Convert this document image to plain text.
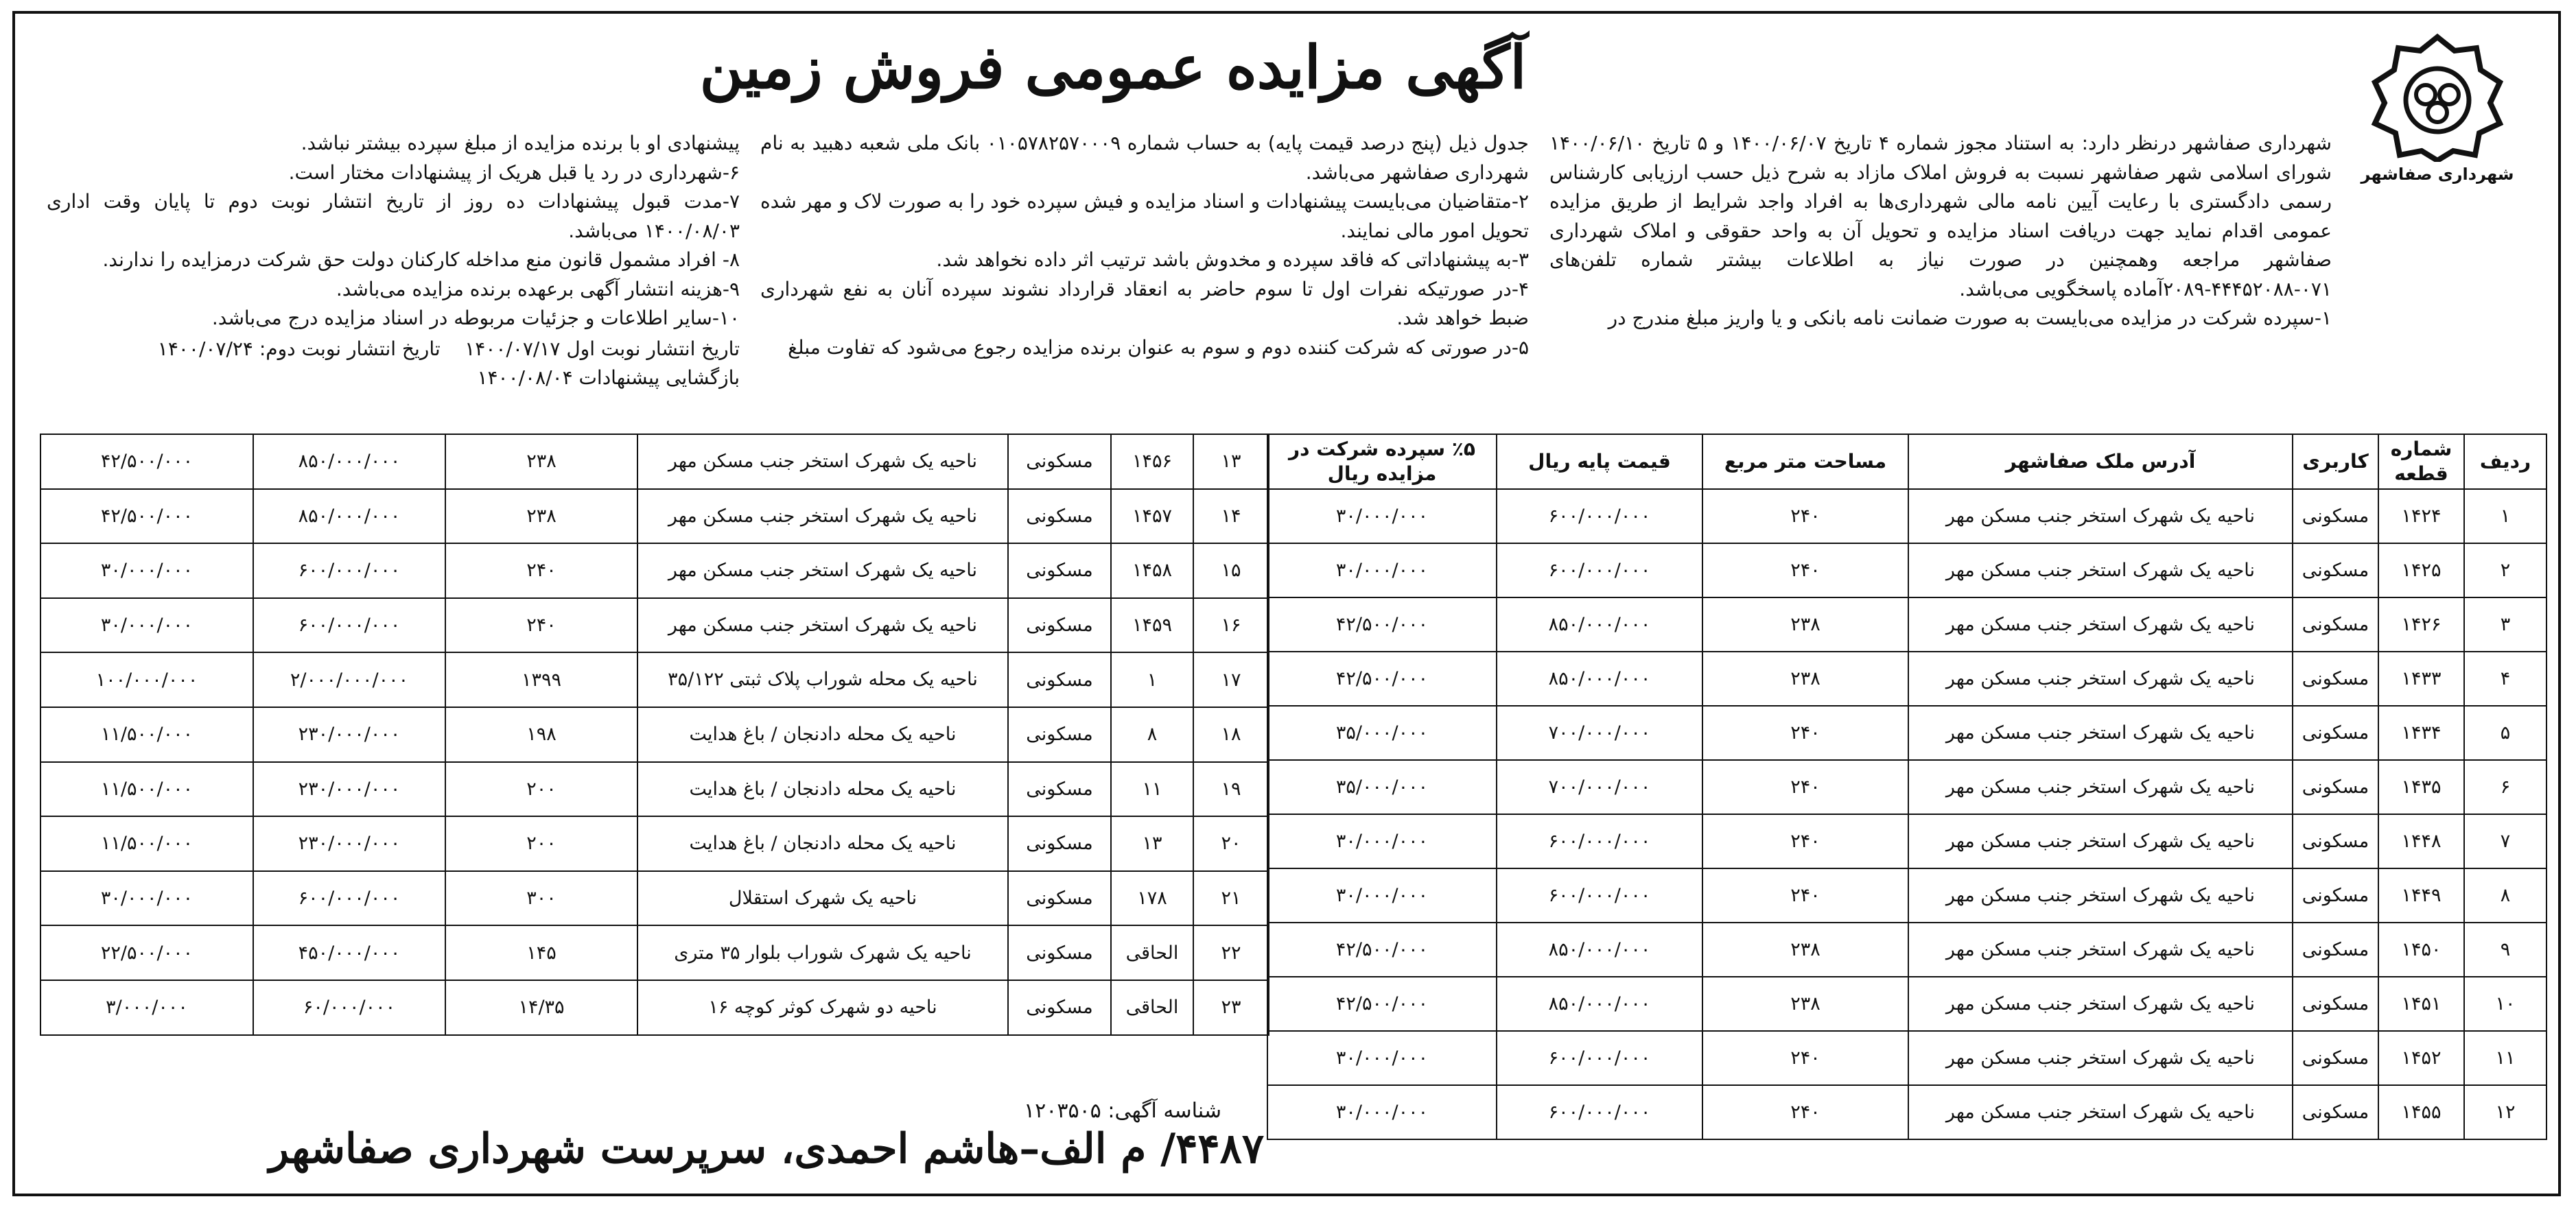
شهرداری صفاشهر
آگهی مزایده عمومی فروش زمین

شهرداری صفاشهر درنظر دارد: به استناد مجوز شماره ۴ تاریخ ۱۴۰۰/۰۶/۰۷ و ۵ تاریخ ۱۴۰۰/۰۶/۱۰ شورای اسلامی شهر صفاشهر نسبت به فروش املاک مازاد به شرح ذیل حسب ارزیابی کارشناس رسمی دادگستری با رعایت آیین نامه مالی شهرداری‌ها به افراد واجد شرایط از طریق مزایده عمومی اقدام نماید جهت دریافت اسناد مزایده و تحویل آن به واحد حقوقی و املاک شهرداری صفاشهر مراجعه وهمچنین در صورت نیاز به اطلاعات بیشتر شماره تلفن‌های ۰۷۱-۴۴۴۵۲۰۸۸-۲۰۸۹آماده پاسخگویی می‌باشد.

۱-سپرده شرکت در مزایده می‌بایست به صورت ضمانت نامه بانکی و یا واریز مبلغ مندرج در

جدول ذیل (پنج درصد قیمت پایه) به حساب شماره ۰۱۰۵۷۸۲۵۷۰۰۰۹ بانک ملی شعبه دهبید به نام شهرداری صفاشهر می‌باشد.

۲-متقاضیان می‌بایست پیشنهادات و اسناد مزایده و فیش سپرده خود را به صورت لاک و مهر شده تحویل امور مالی نمایند.

۳-به پیشنهاداتی که فاقد سپرده و مخدوش باشد ترتیب اثر داده نخواهد شد.

۴-در صورتیکه نفرات اول تا سوم حاضر به انعقاد قرارداد نشوند سپرده آنان به نفع شهرداری ضبط خواهد شد.

۵-در صورتی که شرکت کننده دوم و سوم به عنوان برنده مزایده رجوع می‌شود که تفاوت مبلغ

پیشنهادی او با برنده مزایده از مبلغ سپرده بیشتر نباشد.

۶-شهرداری در رد یا قبل هریک از پیشنهادات مختار است.

۷-مدت قبول پیشنهادات ده روز از تاریخ انتشار نوبت دوم تا پایان وقت اداری ۱۴۰۰/۰۸/۰۳ می‌باشد.

۸- افراد مشمول قانون منع مداخله کارکنان دولت حق شرکت درمزایده را ندارند.

۹-هزینه انتشار آگهی برعهده برنده مزایده می‌باشد.

۱۰-سایر اطلاعات و جزئیات مربوطه در اسناد مزایده درج می‌باشد.

تاریخ انتشار نوبت اول ۱۴۰۰/۰۷/۱۷    تاریخ انتشار نوبت دوم: ۱۴۰۰/۰۷/۲۴

بازگشایی پیشنهادات ۱۴۰۰/۰۸/۰۴

ردیف	شماره قطعه	کاربری	آدرس ملک صفاشهر	مساحت متر مربع	قیمت پایه ریال	٪۵ سپرده شرکت در مزایده ریال
۱	۱۴۲۴	مسکونی	ناحیه یک شهرک استخر جنب مسکن مهر	۲۴۰	۶۰۰/۰۰۰/۰۰۰	۳۰/۰۰۰/۰۰۰
۲	۱۴۲۵	مسکونی	ناحیه یک شهرک استخر جنب مسکن مهر	۲۴۰	۶۰۰/۰۰۰/۰۰۰	۳۰/۰۰۰/۰۰۰
۳	۱۴۲۶	مسکونی	ناحیه یک شهرک استخر جنب مسکن مهر	۲۳۸	۸۵۰/۰۰۰/۰۰۰	۴۲/۵۰۰/۰۰۰
۴	۱۴۳۳	مسکونی	ناحیه یک شهرک استخر جنب مسکن مهر	۲۳۸	۸۵۰/۰۰۰/۰۰۰	۴۲/۵۰۰/۰۰۰
۵	۱۴۳۴	مسکونی	ناحیه یک شهرک استخر جنب مسکن مهر	۲۴۰	۷۰۰/۰۰۰/۰۰۰	۳۵/۰۰۰/۰۰۰
۶	۱۴۳۵	مسکونی	ناحیه یک شهرک استخر جنب مسکن مهر	۲۴۰	۷۰۰/۰۰۰/۰۰۰	۳۵/۰۰۰/۰۰۰
۷	۱۴۴۸	مسکونی	ناحیه یک شهرک استخر جنب مسکن مهر	۲۴۰	۶۰۰/۰۰۰/۰۰۰	۳۰/۰۰۰/۰۰۰
۸	۱۴۴۹	مسکونی	ناحیه یک شهرک استخر جنب مسکن مهر	۲۴۰	۶۰۰/۰۰۰/۰۰۰	۳۰/۰۰۰/۰۰۰
۹	۱۴۵۰	مسکونی	ناحیه یک شهرک استخر جنب مسکن مهر	۲۳۸	۸۵۰/۰۰۰/۰۰۰	۴۲/۵۰۰/۰۰۰
۱۰	۱۴۵۱	مسکونی	ناحیه یک شهرک استخر جنب مسکن مهر	۲۳۸	۸۵۰/۰۰۰/۰۰۰	۴۲/۵۰۰/۰۰۰
۱۱	۱۴۵۲	مسکونی	ناحیه یک شهرک استخر جنب مسکن مهر	۲۴۰	۶۰۰/۰۰۰/۰۰۰	۳۰/۰۰۰/۰۰۰
۱۲	۱۴۵۵	مسکونی	ناحیه یک شهرک استخر جنب مسکن مهر	۲۴۰	۶۰۰/۰۰۰/۰۰۰	۳۰/۰۰۰/۰۰۰
۱۳	۱۴۵۶	مسکونی	ناحیه یک شهرک استخر جنب مسکن مهر	۲۳۸	۸۵۰/۰۰۰/۰۰۰	۴۲/۵۰۰/۰۰۰
۱۴	۱۴۵۷	مسکونی	ناحیه یک شهرک استخر جنب مسکن مهر	۲۳۸	۸۵۰/۰۰۰/۰۰۰	۴۲/۵۰۰/۰۰۰
۱۵	۱۴۵۸	مسکونی	ناحیه یک شهرک استخر جنب مسکن مهر	۲۴۰	۶۰۰/۰۰۰/۰۰۰	۳۰/۰۰۰/۰۰۰
۱۶	۱۴۵۹	مسکونی	ناحیه یک شهرک استخر جنب مسکن مهر	۲۴۰	۶۰۰/۰۰۰/۰۰۰	۳۰/۰۰۰/۰۰۰
۱۷	۱	مسکونی	ناحیه یک محله شوراب پلاک ثبتی ۳۵/۱۲۲	۱۳۹۹	۲/۰۰۰/۰۰۰/۰۰۰	۱۰۰/۰۰۰/۰۰۰
۱۸	۸	مسکونی	ناحیه یک محله دادنجان / باغ هدایت	۱۹۸	۲۳۰/۰۰۰/۰۰۰	۱۱/۵۰۰/۰۰۰
۱۹	۱۱	مسکونی	ناحیه یک محله دادنجان / باغ هدایت	۲۰۰	۲۳۰/۰۰۰/۰۰۰	۱۱/۵۰۰/۰۰۰
۲۰	۱۳	مسکونی	ناحیه یک محله دادنجان / باغ هدایت	۲۰۰	۲۳۰/۰۰۰/۰۰۰	۱۱/۵۰۰/۰۰۰
۲۱	۱۷۸	مسکونی	ناحیه یک شهرک استقلال	۳۰۰	۶۰۰/۰۰۰/۰۰۰	۳۰/۰۰۰/۰۰۰
۲۲	الحاقی	مسکونی	ناحیه یک شهرک شوراب بلوار ۳۵ متری	۱۴۵	۴۵۰/۰۰۰/۰۰۰	۲۲/۵۰۰/۰۰۰
۲۳	الحاقی	مسکونی	ناحیه دو شهرک کوثر کوچه ۱۶	۱۴/۳۵	۶۰/۰۰۰/۰۰۰	۳/۰۰۰/۰۰۰
شناسه آگهی: ۱۲۰۳۵۰۵
۴۴۸۷/ م الف–هاشم احمدی، سرپرست شهرداری صفاشهر
